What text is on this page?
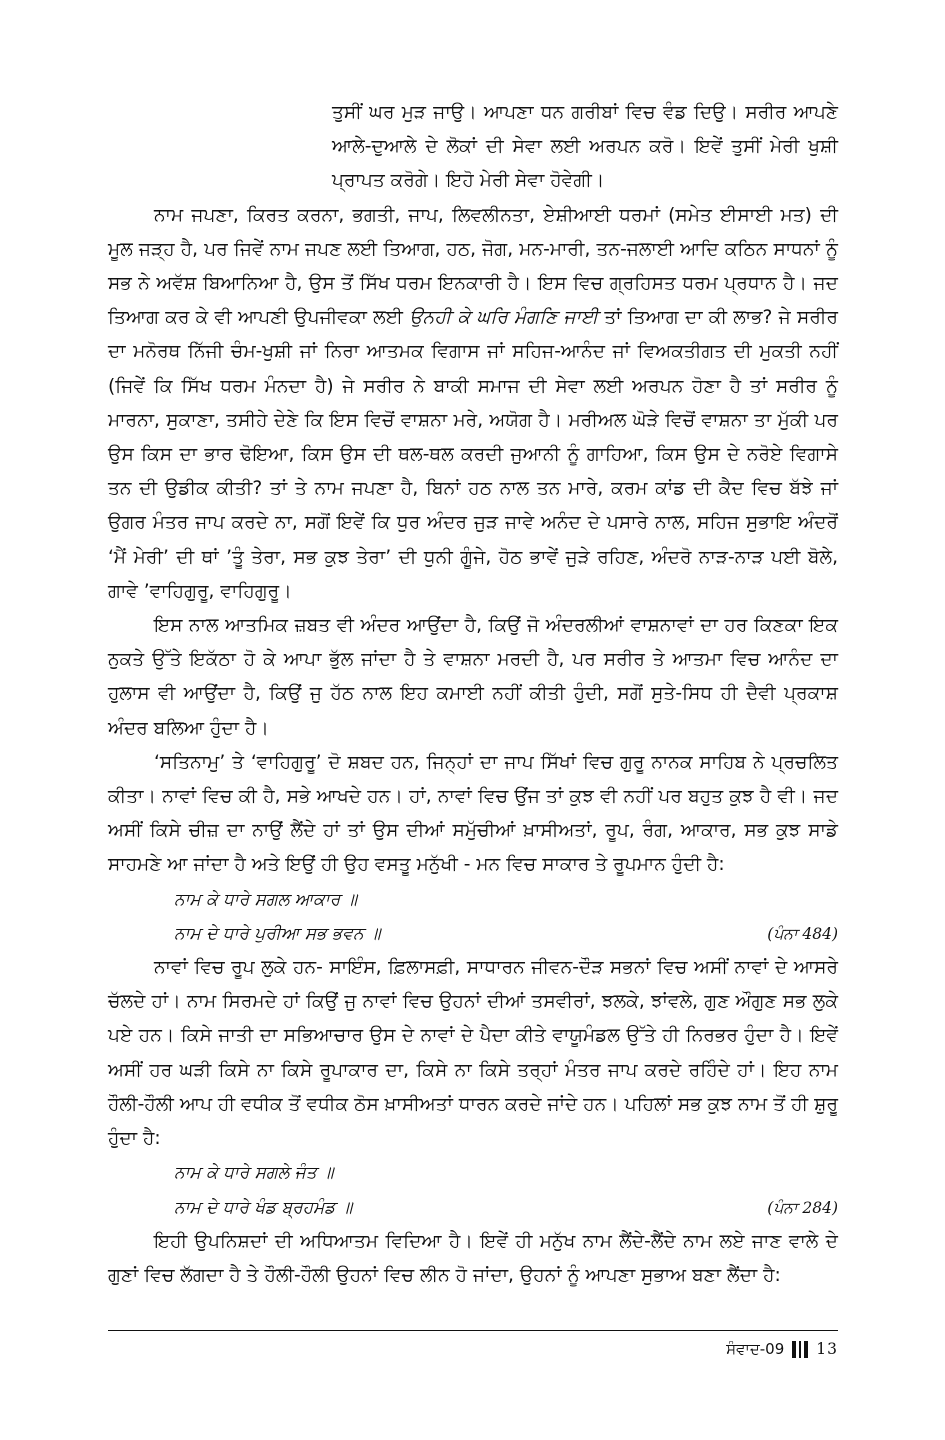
ਤੁਸੀਂ ਘਰ ਮੁੜ ਜਾਉ। ਆਪਣਾ ਧਨ ਗਰੀਬਾਂ ਵਿਚ ਵੰਡ ਦਿਉ। ਸਰੀਰ ਆਪਣੇ ਆਲੇ-ਦੁਆਲੇ ਦੇ ਲੋਕਾਂ ਦੀ ਸੇਵਾ ਲਈ ਅਰਪਨ ਕਰੋ। ਇਵੇਂ ਤੁਸੀਂ ਮੇਰੀ ਖੁਸ਼ੀ ਪ੍ਰਾਪਤ ਕਰੋਗੇ। ਇਹੋ ਮੇਰੀ ਸੇਵਾ ਹੋਵੇਗੀ।

ਨਾਮ ਜਪਣਾ, ਕਿਰਤ ਕਰਨਾ, ਭਗਤੀ, ਜਾਪ, ਲਿਵਲੀਨਤਾ, ਏਸ਼ੀਆਈ ਧਰਮਾਂ (ਸਮੇਤ ਈਸਾਈ ਮਤ) ਦੀ ਮੂਲ ਜੜ੍ਹ ਹੈ, ਪਰ ਜਿਵੇਂ ਨਾਮ ਜਪਣ ਲਈ ਤਿਆਗ, ਹਠ, ਜੋਗ, ਮਨ-ਮਾਰੀ, ਤਨ-ਜਲਾਈ ਆਦਿ ਕਠਿਨ ਸਾਧਨਾਂ ਨੂੰ ਸਭ ਨੇ ਅਵੱਸ਼ ਬਿਆਨਿਆ ਹੈ, ਉਸ ਤੋਂ ਸਿੱਖ ਧਰਮ ਇਨਕਾਰੀ ਹੈ। ਇਸ ਵਿਚ ਗ੍ਰਹਿਸਤ ਧਰਮ ਪ੍ਰਧਾਨ ਹੈ। ਜਦ ਤਿਆਗ ਕਰ ਕੇ ਵੀ ਆਪਣੀ ਉਪਜੀਵਕਾ ਲਈ ਉਨਹੀ ਕੇ ਘਰਿ ਮੰਗਣਿ ਜਾਈ ਤਾਂ ਤਿਆਗ ਦਾ ਕੀ ਲਾਭ? ਜੇ ਸਰੀਰ ਦਾ ਮਨੋਰਥ ਨਿੱਜੀ ਚੰਮ-ਖੁਸ਼ੀ ਜਾਂ ਨਿਰਾ ਆਤਮਕ ਵਿਗਾਸ ਜਾਂ ਸਹਿਜ-ਆਨੰਦ ਜਾਂ ਵਿਅਕਤੀਗਤ ਦੀ ਮੁਕਤੀ ਨਹੀਂ (ਜਿਵੇਂ ਕਿ ਸਿੱਖ ਧਰਮ ਮੰਨਦਾ ਹੈ) ਜੇ ਸਰੀਰ ਨੇ ਬਾਕੀ ਸਮਾਜ ਦੀ ਸੇਵਾ ਲਈ ਅਰਪਨ ਹੋਣਾ ਹੈ ਤਾਂ ਸਰੀਰ ਨੂੰ ਮਾਰਨਾ, ਸੁਕਾਣਾ, ਤਸੀਹੇ ਦੇਣੇ ਕਿ ਇਸ ਵਿਚੋਂ ਵਾਸ਼ਨਾ ਮਰੇ, ਅਯੋਗ ਹੈ। ਮਰੀਅਲ ਘੋੜੇ ਵਿਚੋਂ ਵਾਸ਼ਨਾ ਤਾ ਮੁੱਕੀ ਪਰ ਉਸ ਕਿਸ ਦਾ ਭਾਰ ਢੋਇਆ, ਕਿਸ ਉਸ ਦੀ ਥਲ-ਥਲ ਕਰਦੀ ਜੁਆਨੀ ਨੂੰ ਗਾਹਿਆ, ਕਿਸ ਉਸ ਦੇ ਨਰੋਏ ਵਿਗਾਸੇ ਤਨ ਦੀ ਉਡੀਕ ਕੀਤੀ? ਤਾਂ ਤੇ ਨਾਮ ਜਪਣਾ ਹੈ, ਬਿਨਾਂ ਹਠ ਨਾਲ ਤਨ ਮਾਰੇ, ਕਰਮ ਕਾਂਡ ਦੀ ਕੈਦ ਵਿਚ ਬੱਝੇ ਜਾਂ ਉਗਰ ਮੰਤਰ ਜਾਪ ਕਰਦੇ ਨਾ, ਸਗੋਂ ਇਵੇਂ ਕਿ ਧੁਰ ਅੰਦਰ ਜੁੜ ਜਾਵੇ ਅਨੰਦ ਦੇ ਪਸਾਰੇ ਨਾਲ, ਸਹਿਜ ਸੁਭਾਇ ਅੰਦਰੋਂ ‘ਮੈਂ ਮੇਰੀ’ ਦੀ ਥਾਂ ’ਤੂੰ ਤੇਰਾ, ਸਭ ਕੁਝ ਤੇਰਾ’ ਦੀ ਧੁਨੀ ਗੂੰਜੇ, ਹੋਠ ਭਾਵੇਂ ਜੁੜੇ ਰਹਿਣ, ਅੰਦਰੋ ਨਾੜ-ਨਾੜ ਪਈ ਬੋਲੇ, ਗਾਵੇ ’ਵਾਹਿਗੁਰੂ, ਵਾਹਿਗੁਰੂ।

ਇਸ ਨਾਲ ਆਤਮਿਕ ਜ਼ਬਤ ਵੀ ਅੰਦਰ ਆਉਂਦਾ ਹੈ, ਕਿਉਂ ਜੋ ਅੰਦਰਲੀਆਂ ਵਾਸ਼ਨਾਵਾਂ ਦਾ ਹਰ ਕਿਣਕਾ ਇਕ ਨੁਕਤੇ ਉੱਤੇ ਇਕੱਠਾ ਹੋ ਕੇ ਆਪਾ ਭੁੱਲ ਜਾਂਦਾ ਹੈ ਤੇ ਵਾਸ਼ਨਾ ਮਰਦੀ ਹੈ, ਪਰ ਸਰੀਰ ਤੇ ਆਤਮਾ ਵਿਚ ਆਨੰਦ ਦਾ ਹੁਲਾਸ ਵੀ ਆਉਂਦਾ ਹੈ, ਕਿਉਂ ਜੁ ਹੱਠ ਨਾਲ ਇਹ ਕਮਾਈ ਨਹੀਂ ਕੀਤੀ ਹੁੰਦੀ, ਸਗੋਂ ਸੁਤੇ-ਸਿਧ ਹੀ ਦੈਵੀ ਪ੍ਰਕਾਸ਼ ਅੰਦਰ ਬਲਿਆ ਹੁੰਦਾ ਹੈ।

‘ਸਤਿਨਾਮੁ’ ਤੇ ‘ਵਾਹਿਗੁਰੂ’ ਦੋ ਸ਼ਬਦ ਹਨ, ਜਿਨ੍ਹਾਂ ਦਾ ਜਾਪ ਸਿੱਖਾਂ ਵਿਚ ਗੁਰੂ ਨਾਨਕ ਸਾਹਿਬ ਨੇ ਪ੍ਰਚਲਿਤ ਕੀਤਾ। ਨਾਵਾਂ ਵਿਚ ਕੀ ਹੈ, ਸਭੇ ਆਖਦੇ ਹਨ। ਹਾਂ, ਨਾਵਾਂ ਵਿਚ ਉਂਜ ਤਾਂ ਕੁਝ ਵੀ ਨਹੀਂ ਪਰ ਬਹੁਤ ਕੁਝ ਹੈ ਵੀ। ਜਦ ਅਸੀਂ ਕਿਸੇ ਚੀਜ਼ ਦਾ ਨਾਉਂ ਲੈਂਦੇ ਹਾਂ ਤਾਂ ਉਸ ਦੀਆਂ ਸਮੁੱਚੀਆਂ ਖ਼ਾਸੀਅਤਾਂ, ਰੂਪ, ਰੰਗ, ਆਕਾਰ, ਸਭ ਕੁਝ ਸਾਡੇ ਸਾਹਮਣੇ ਆ ਜਾਂਦਾ ਹੈ ਅਤੇ ਇਉਂ ਹੀ ਉਹ ਵਸਤੂ ਮਨੁੱਖੀ - ਮਨ ਵਿਚ ਸਾਕਾਰ ਤੇ ਰੂਪਮਾਨ ਹੁੰਦੀ ਹੈ:

ਨਾਮ ਕੇ ਧਾਰੇ ਸਗਲ ਆਕਾਰ ॥

ਨਾਮ ਦੇ ਧਾਰੇ ਪੁਰੀਆ ਸਭ ਭਵਨ ॥	(ਪੰਨਾ 484)

ਨਾਵਾਂ ਵਿਚ ਰੂਪ ਲੁਕੇ ਹਨ- ਸਾਇੰਸ, ਫ਼ਿਲਾਸਫ਼ੀ, ਸਾਧਾਰਨ ਜੀਵਨ-ਦੌੜ ਸਭਨਾਂ ਵਿਚ ਅਸੀਂ ਨਾਵਾਂ ਦੇ ਆਸਰੇ ਚੱਲਦੇ ਹਾਂ। ਨਾਮ ਸਿਰਮਦੇ ਹਾਂ ਕਿਉਂ ਜੁ ਨਾਵਾਂ ਵਿਚ ਉਹਨਾਂ ਦੀਆਂ ਤਸਵੀਰਾਂ, ਝਲਕੇ, ਝਾਂਵਲੇ, ਗੁਣ ਔਗੁਣ ਸਭ ਲੁਕੇ ਪਏ ਹਨ। ਕਿਸੇ ਜਾਤੀ ਦਾ ਸਭਿਆਚਾਰ ਉਸ ਦੇ ਨਾਵਾਂ ਦੇ ਪੈਦਾ ਕੀਤੇ ਵਾਯੂਮੰਡਲ ਉੱਤੇ ਹੀ ਨਿਰਭਰ ਹੁੰਦਾ ਹੈ। ਇਵੇਂ ਅਸੀਂ ਹਰ ਘੜੀ ਕਿਸੇ ਨਾ ਕਿਸੇ ਰੂਪਾਕਾਰ ਦਾ, ਕਿਸੇ ਨਾ ਕਿਸੇ ਤਰ੍ਹਾਂ ਮੰਤਰ ਜਾਪ ਕਰਦੇ ਰਹਿੰਦੇ ਹਾਂ। ਇਹ ਨਾਮ ਹੌਲੀ-ਹੌਲੀ ਆਪ ਹੀ ਵਧੀਕ ਤੋਂ ਵਧੀਕ ਠੋਸ ਖ਼ਾਸੀਅਤਾਂ ਧਾਰਨ ਕਰਦੇ ਜਾਂਦੇ ਹਨ। ਪਹਿਲਾਂ ਸਭ ਕੁਝ ਨਾਮ ਤੋਂ ਹੀ ਸ਼ੁਰੂ ਹੁੰਦਾ ਹੈ:

ਨਾਮ ਕੇ ਧਾਰੇ ਸਗਲੇ ਜੰਤ ॥

ਨਾਮ ਦੇ ਧਾਰੇ ਖੰਡ ਬ੍ਰਹਮੰਡ ॥	(ਪੰਨਾ 284)

ਇਹੀ ਉਪਨਿਸ਼ਦਾਂ ਦੀ ਅਧਿਆਤਮ ਵਿਦਿਆ ਹੈ। ਇਵੇਂ ਹੀ ਮਨੁੱਖ ਨਾਮ ਲੈਂਦੇ-ਲੈਂਦੇ ਨਾਮ ਲਏ ਜਾਣ ਵਾਲੇ ਦੇ ਗੁਣਾਂ ਵਿਚ ਲੱਗਦਾ ਹੈ ਤੇ ਹੌਲੀ-ਹੌਲੀ ਉਹਨਾਂ ਵਿਚ ਲੀਨ ਹੋ ਜਾਂਦਾ, ਉਹਨਾਂ ਨੂੰ ਆਪਣਾ ਸੁਭਾਅ ਬਣਾ ਲੈਂਦਾ ਹੈ:

ਸੰਵਾਦ-09 13
